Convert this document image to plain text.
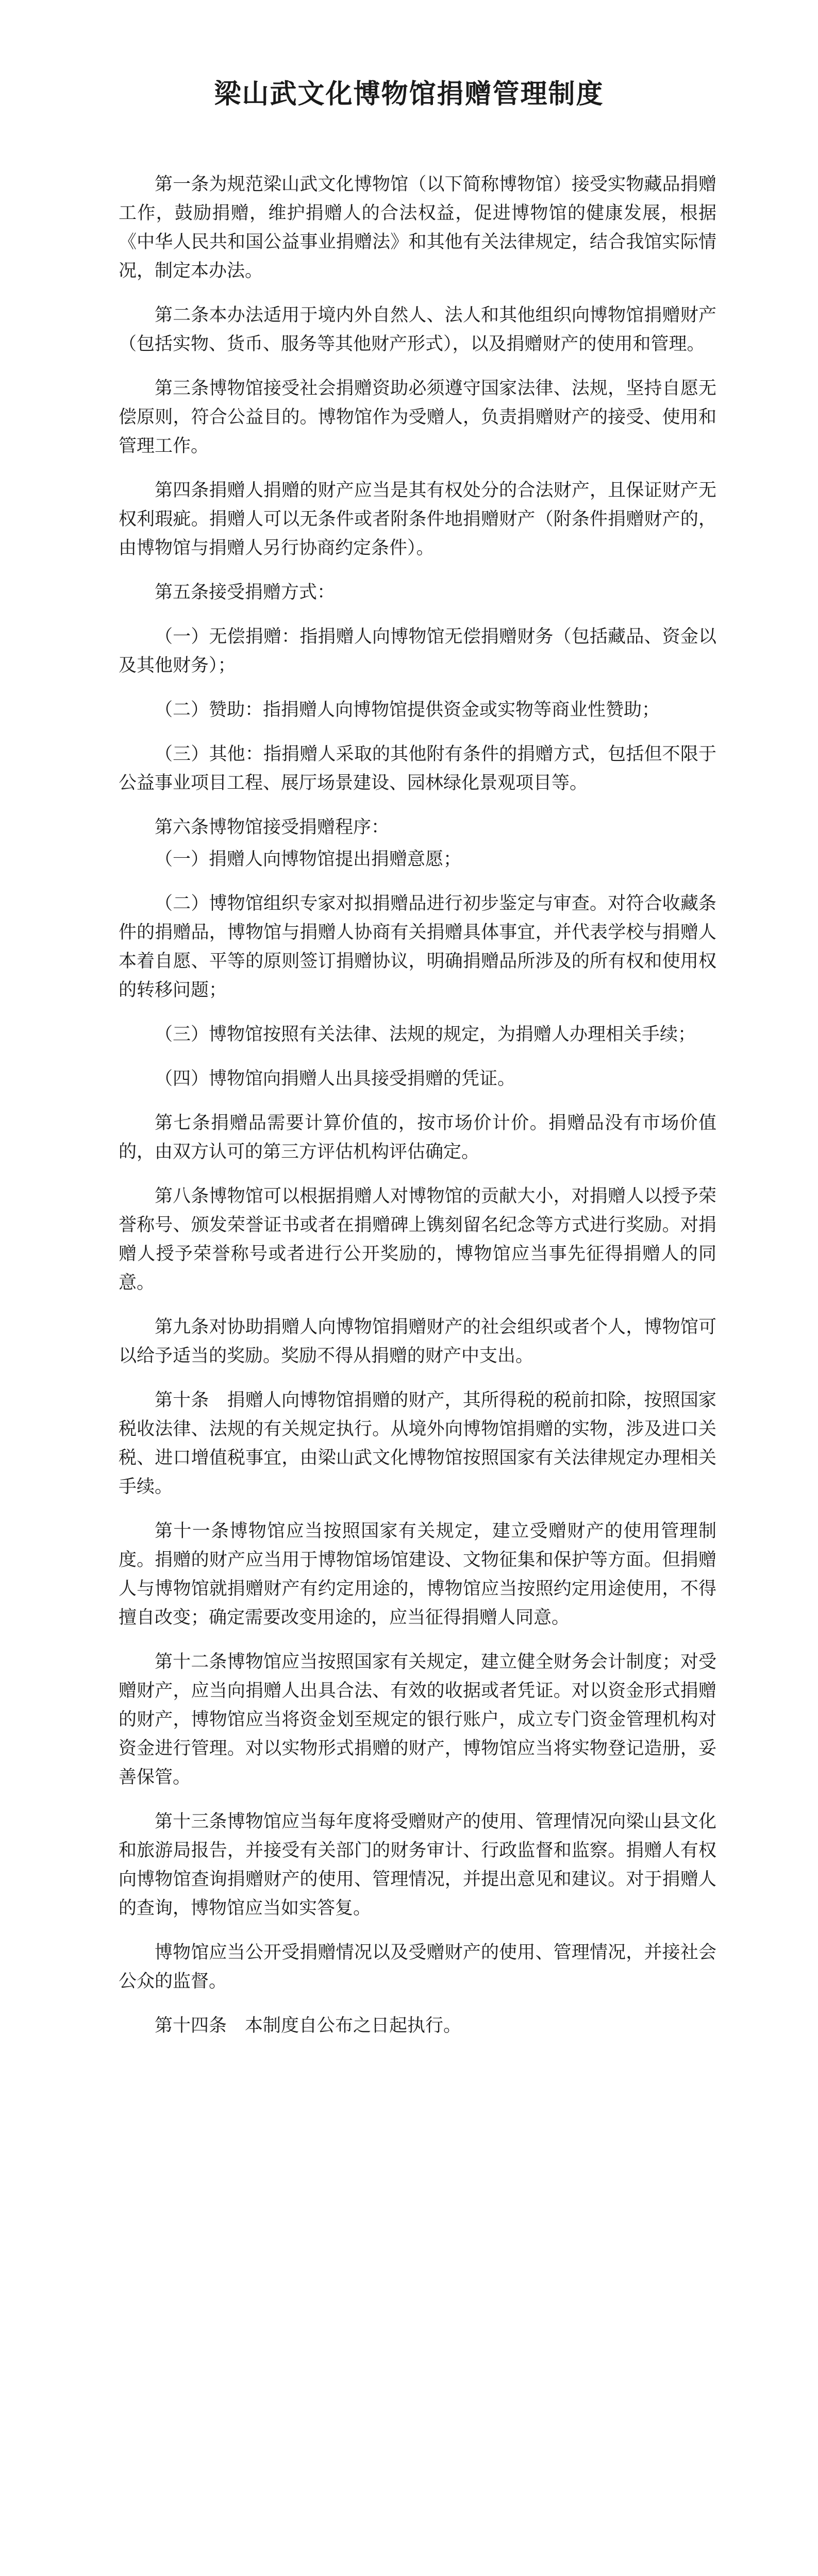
梁山武文化博物馆捐赠管理制度

第一条为规范梁山武文化博物馆（以下简称博物馆）接受实物藏品捐赠工作，鼓励捐赠，维护捐赠人的合法权益，促进博物馆的健康发展，根据《中华人民共和国公益事业捐赠法》和其他有关法律规定，结合我馆实际情况，制定本办法。

第二条本办法适用于境内外自然人、法人和其他组织向博物馆捐赠财产（包括实物、货币、服务等其他财产形式），以及捐赠财产的使用和管理。

第三条博物馆接受社会捐赠资助必须遵守国家法律、法规，坚持自愿无偿原则，符合公益目的。博物馆作为受赠人，负责捐赠财产的接受、使用和管理工作。

第四条捐赠人捐赠的财产应当是其有权处分的合法财产，且保证财产无权利瑕疵。捐赠人可以无条件或者附条件地捐赠财产（附条件捐赠财产的，由博物馆与捐赠人另行协商约定条件）。

第五条接受捐赠方式：

（一）无偿捐赠：指捐赠人向博物馆无偿捐赠财务（包括藏品、资金以及其他财务）；

（二）赞助：指捐赠人向博物馆提供资金或实物等商业性赞助；

（三）其他：指捐赠人采取的其他附有条件的捐赠方式，包括但不限于公益事业项目工程、展厅场景建设、园林绿化景观项目等。

第六条博物馆接受捐赠程序：

（一）捐赠人向博物馆提出捐赠意愿；

（二）博物馆组织专家对拟捐赠品进行初步鉴定与审查。对符合收藏条件的捐赠品，博物馆与捐赠人协商有关捐赠具体事宜，并代表学校与捐赠人本着自愿、平等的原则签订捐赠协议，明确捐赠品所涉及的所有权和使用权的转移问题；

（三）博物馆按照有关法律、法规的规定，为捐赠人办理相关手续；

（四）博物馆向捐赠人出具接受捐赠的凭证。

第七条捐赠品需要计算价值的，按市场价计价。捐赠品没有市场价值的，由双方认可的第三方评估机构评估确定。

第八条博物馆可以根据捐赠人对博物馆的贡献大小，对捐赠人以授予荣誉称号、颁发荣誉证书或者在捐赠碑上镌刻留名纪念等方式进行奖励。对捐赠人授予荣誉称号或者进行公开奖励的，博物馆应当事先征得捐赠人的同意。

第九条对协助捐赠人向博物馆捐赠财产的社会组织或者个人，博物馆可以给予适当的奖励。奖励不得从捐赠的财产中支出。

第十条　捐赠人向博物馆捐赠的财产，其所得税的税前扣除，按照国家税收法律、法规的有关规定执行。从境外向博物馆捐赠的实物，涉及进口关税、进口增值税事宜，由梁山武文化博物馆按照国家有关法律规定办理相关手续。

第十一条博物馆应当按照国家有关规定，建立受赠财产的使用管理制度。捐赠的财产应当用于博物馆场馆建设、文物征集和保护等方面。但捐赠人与博物馆就捐赠财产有约定用途的，博物馆应当按照约定用途使用，不得擅自改变；确定需要改变用途的，应当征得捐赠人同意。

第十二条博物馆应当按照国家有关规定，建立健全财务会计制度；对受赠财产，应当向捐赠人出具合法、有效的收据或者凭证。对以资金形式捐赠的财产，博物馆应当将资金划至规定的银行账户，成立专门资金管理机构对资金进行管理。对以实物形式捐赠的财产，博物馆应当将实物登记造册，妥善保管。

第十三条博物馆应当每年度将受赠财产的使用、管理情况向梁山县文化和旅游局报告，并接受有关部门的财务审计、行政监督和监察。捐赠人有权向博物馆查询捐赠财产的使用、管理情况，并提出意见和建议。对于捐赠人的查询，博物馆应当如实答复。

博物馆应当公开受捐赠情况以及受赠财产的使用、管理情况，并接社会公众的监督。

第十四条　本制度自公布之日起执行。
